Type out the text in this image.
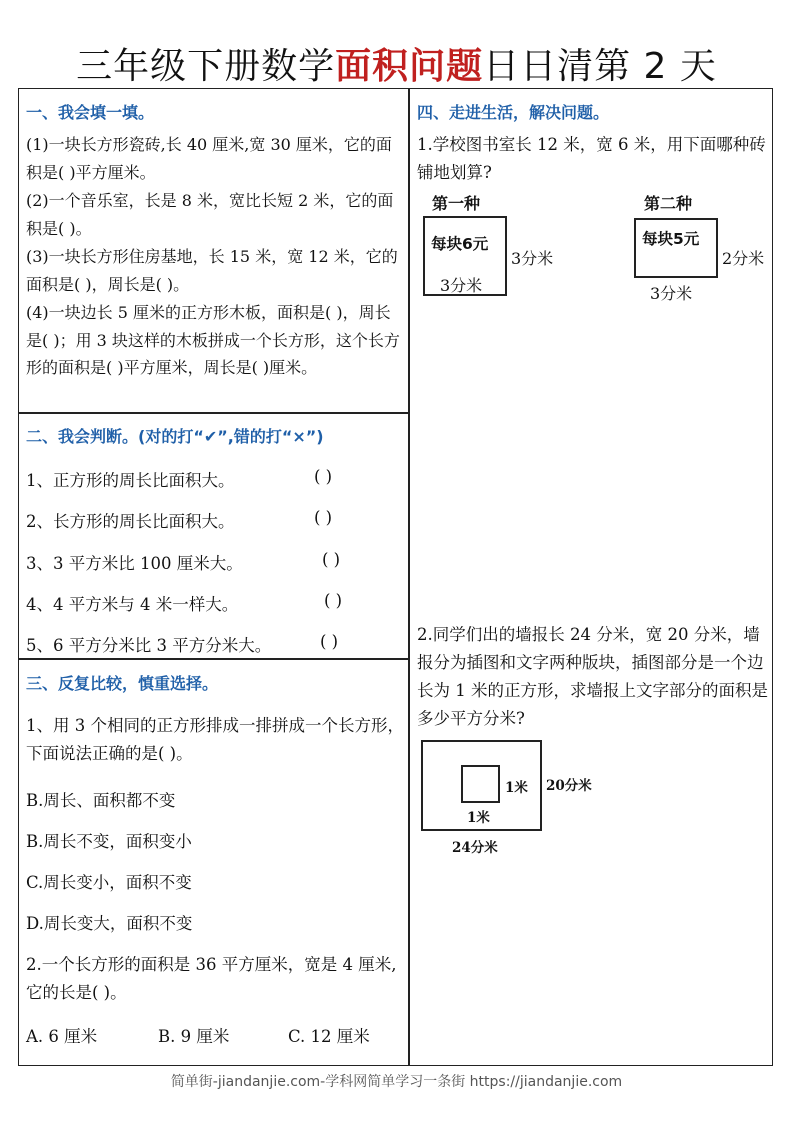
三年级下册数学面积问题日日清第 2 天
一、我会填一填。
(1)一块长方形瓷砖,长 40 厘米,宽 30 厘米，它的面积是( )平方厘米。
(2)一个音乐室，长是 8 米，宽比长短 2 米，它的面积是( )。
(3)一块长方形住房基地，长 15 米，宽 12 米，它的面积是( )，周长是( )。
(4)一块边长 5 厘米的正方形木板，面积是( )，周长是( )；用 3 块这样的木板拼成一个长方形，这个长方形的面积是( )平方厘米，周长是( )厘米。
二、我会判断。(对的打“✔”,错的打“×”)
1、正方形的周长比面积大。	( )
2、长方形的周长比面积大。	( )
3、3 平方米比 100 厘米大。	( )
4、4 平方米与 4 米一样大。	( )
5、6 平方分米比 3 平方分米大。	( )
三、反复比较，慎重选择。
1、用 3 个相同的正方形排成一排拼成一个长方形，下面说法正确的是( )。
B.周长、面积都不变
B.周长不变，面积变小
C.周长变小，面积不变
D.周长变大，面积不变
2.一个长方形的面积是 36 平方厘米，宽是 4 厘米,它的长是( )。
A. 6 厘米	B. 9 厘米	C. 12 厘米
四、走进生活，解决问题。
1.学校图书室长 12 米，宽 6 米，用下面哪种砖铺地划算?
第一种
每块6元
3分米
3分米
第二种
每块5元
3分米
2分米
2.同学们出的墙报长 24 分米，宽 20 分米，墙报分为插图和文字两种版块，插图部分是一个边长为 1 米的正方形，求墙报上文字部分的面积是多少平方分米?
1米
1米
20分米
24分米
简单街-jiandanjie.com-学科网简单学习一条街 https://jiandanjie.com
